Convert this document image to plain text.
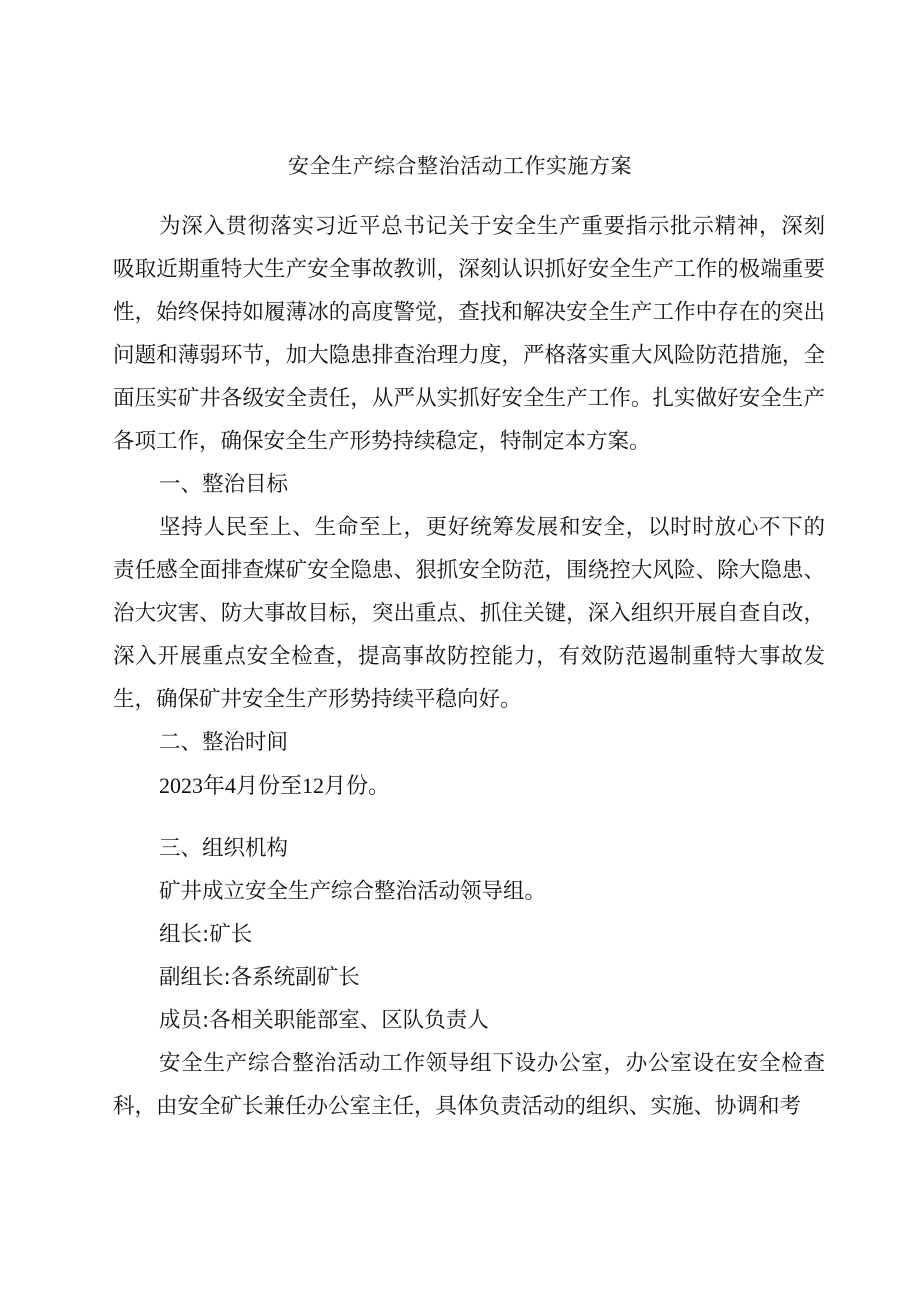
安全生产综合整治活动工作实施方案

为深入贯彻落实习近平总书记关于安全生产重要指示批示精神，深刻吸取近期重特大生产安全事故教训，深刻认识抓好安全生产工作的极端重要性，始终保持如履薄冰的高度警觉，查找和解决安全生产工作中存在的突出问题和薄弱环节，加大隐患排查治理力度，严格落实重大风险防范措施，全面压实矿井各级安全责任，从严从实抓好安全生产工作。扎实做好安全生产各项工作，确保安全生产形势持续稳定，特制定本方案。

一、整治目标

坚持人民至上、生命至上，更好统筹发展和安全，以时时放心不下的责任感全面排查煤矿安全隐患、狠抓安全防范，围绕控大风险、除大隐患、治大灾害、防大事故目标，突出重点、抓住关键，深入组织开展自查自改，深入开展重点安全检查，提高事故防控能力，有效防范遏制重特大事故发生，确保矿井安全生产形势持续平稳向好。

二、整治时间

2023年4月份至12月份。

三、组织机构

矿井成立安全生产综合整治活动领导组。

组长:矿长

副组长:各系统副矿长

成员:各相关职能部室、区队负责人

安全生产综合整治活动工作领导组下设办公室，办公室设在安全检查科，由安全矿长兼任办公室主任，具体负责活动的组织、实施、协调和考
